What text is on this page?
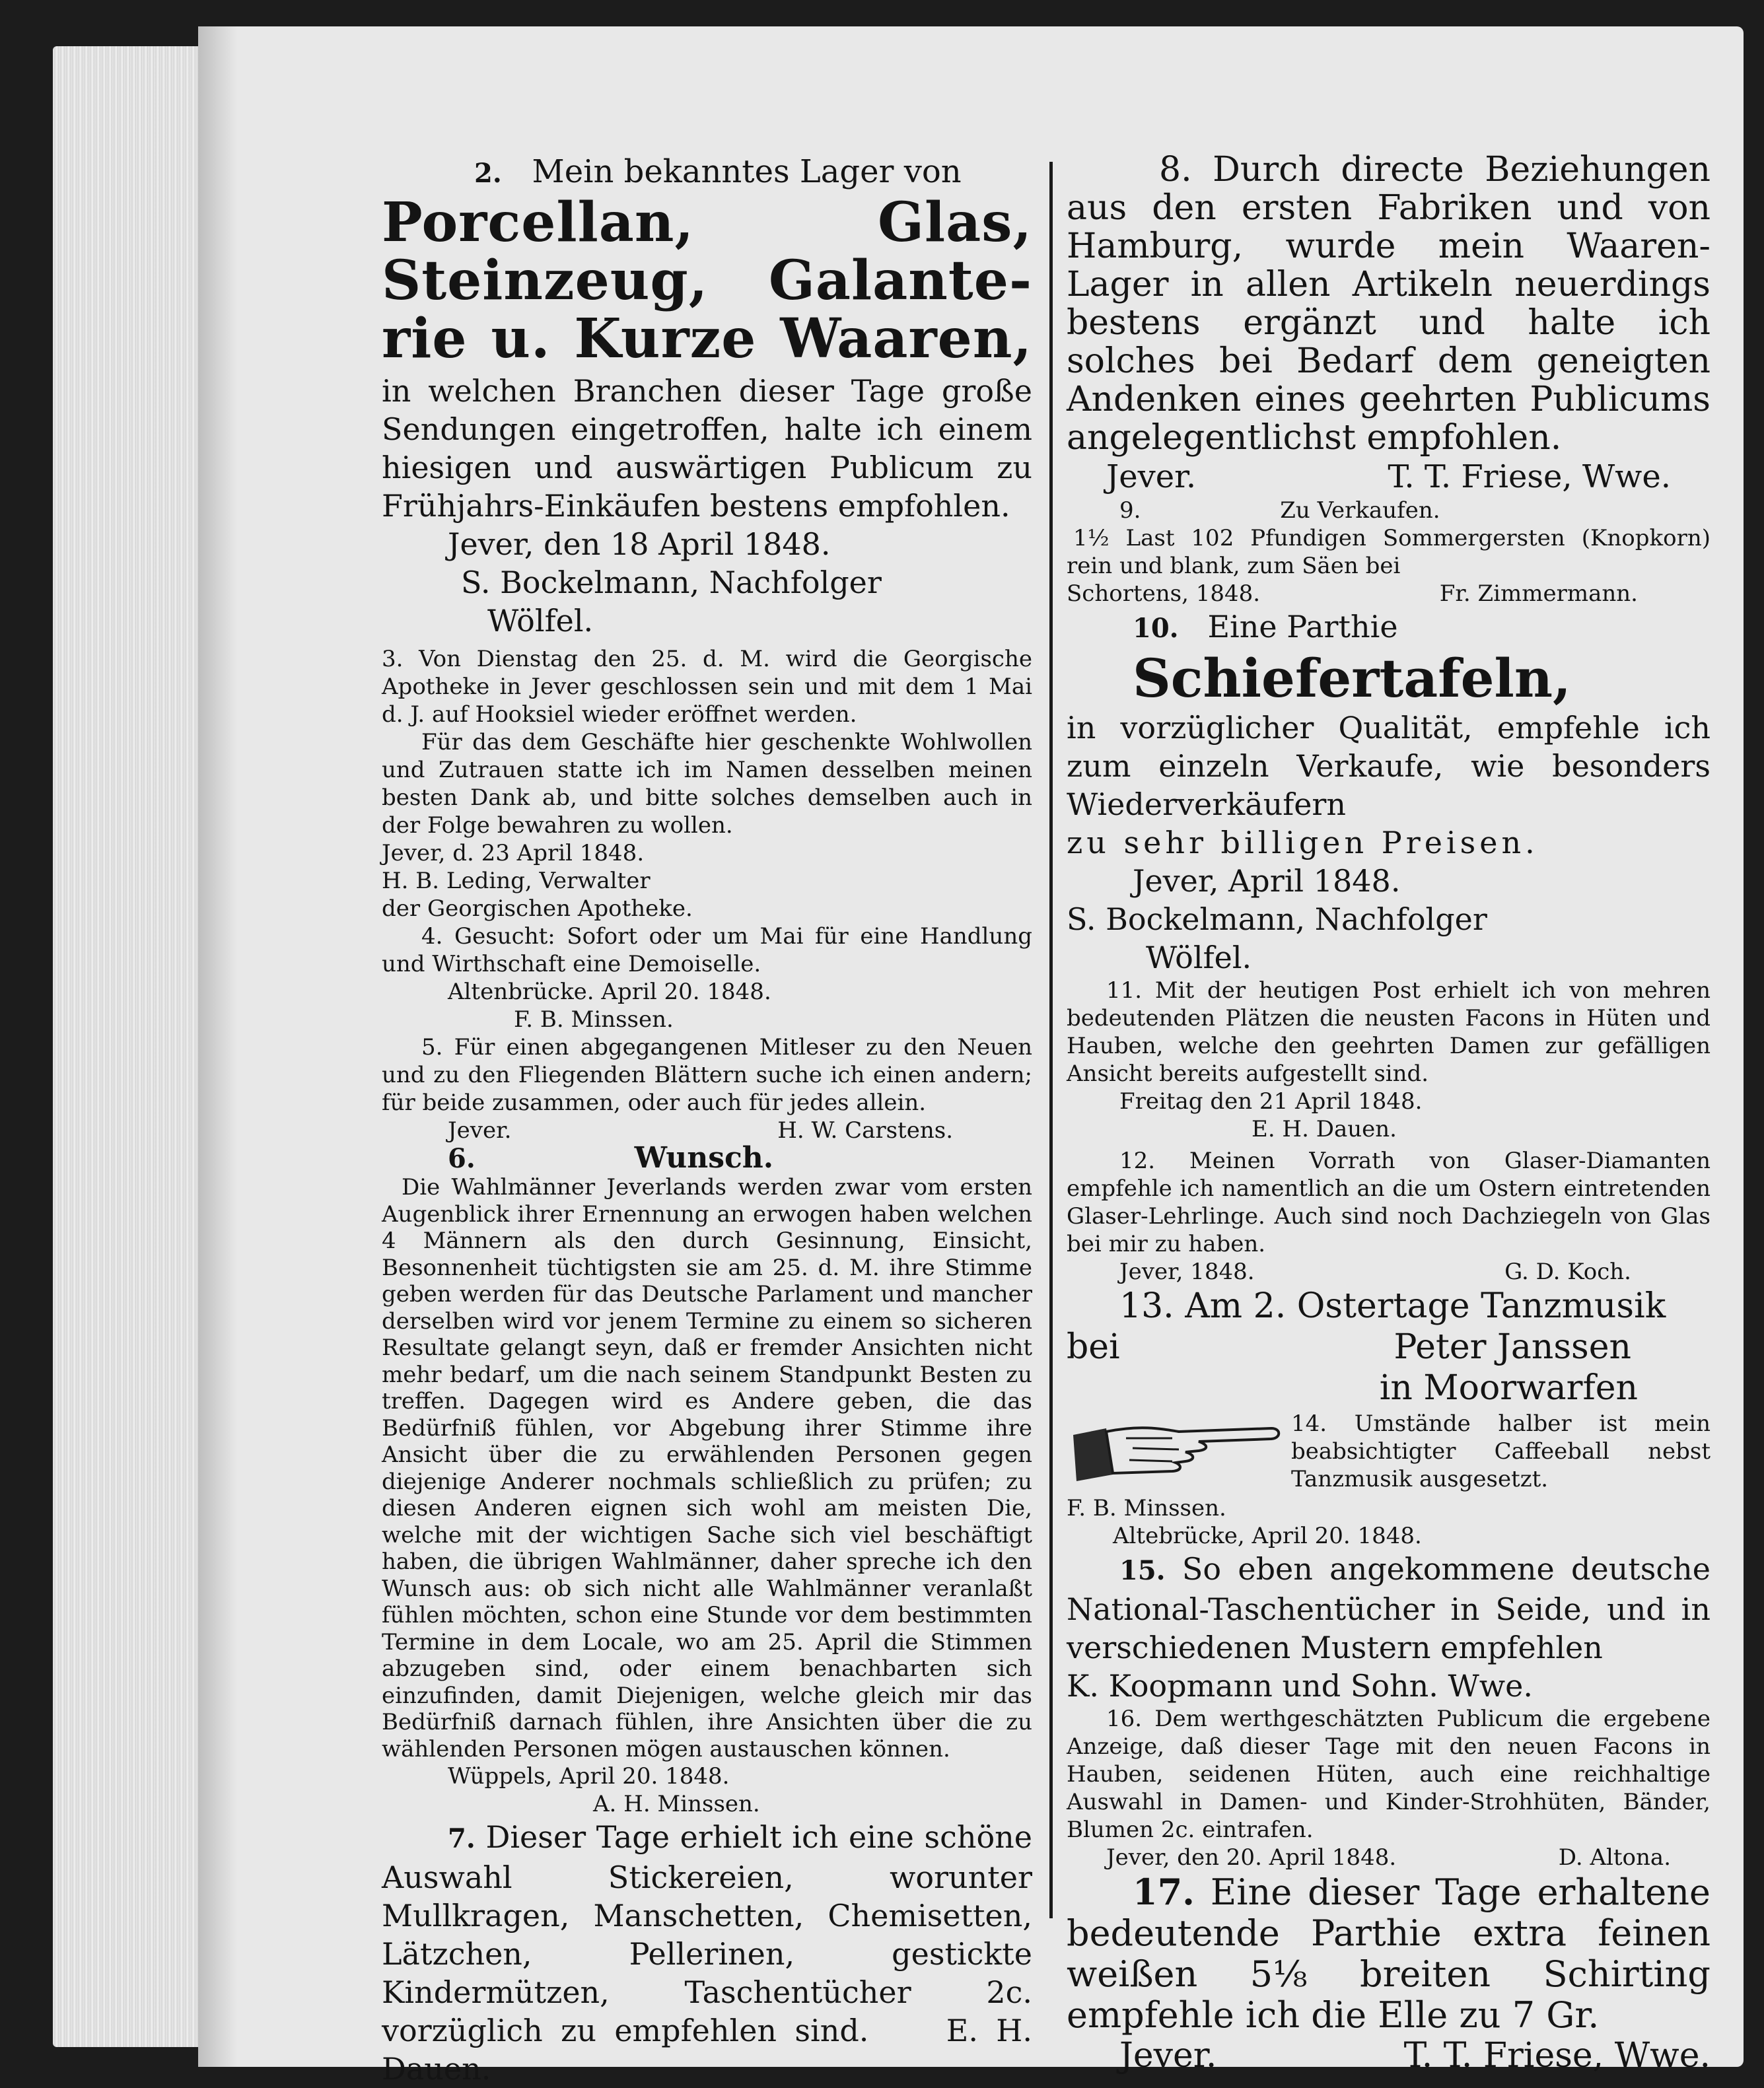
2. Mein bekanntes Lager von

Porcellan, Glas,

Steinzeug, Galante-

rie u. Kurze Waaren,

in welchen Branchen dieser Tage große Sendungen eingetroffen, halte ich einem hiesigen und auswärtigen Publicum zu Frühjahrs-Einkäufen bestens empfohlen.

Jever, den 18 April 1848.

S. Bockelmann, Nachfolger

Wölfel.

3. Von Dienstag den 25. d. M. wird die Georgische Apotheke in Jever geschlossen sein und mit dem 1 Mai d. J. auf Hooksiel wieder eröffnet werden.

Für das dem Geschäfte hier geschenkte Wohlwollen und Zutrauen statte ich im Namen desselben meinen besten Dank ab, und bitte solches demselben auch in der Folge bewahren zu wollen.

Jever, d. 23 April 1848.

H. B. Leding, Verwalter

der Georgischen Apotheke.

4. Gesucht: Sofort oder um Mai für eine Handlung und Wirthschaft eine Demoiselle.

Altenbrücke. April 20. 1848.

F. B. Minssen.

5. Für einen abgegangenen Mitleser zu den Neuen und zu den Fliegenden Blättern suche ich einen andern; für beide zusammen, oder auch für jedes allein.

Jever.	H. W. Carstens.

6.	Wunsch.

Die Wahlmänner Jeverlands werden zwar vom ersten Augenblick ihrer Ernennung an erwogen haben welchen 4 Männern als den durch Gesinnung, Einsicht, Besonnenheit tüchtigsten sie am 25. d. M. ihre Stimme geben werden für das Deutsche Parlament und mancher derselben wird vor jenem Termine zu einem so sicheren Resultate gelangt seyn, daß er fremder Ansichten nicht mehr bedarf, um die nach seinem Standpunkt Besten zu treffen. Dagegen wird es Andere geben, die das Bedürfniß fühlen, vor Abgebung ihrer Stimme ihre Ansicht über die zu erwählenden Personen gegen diejenige Anderer nochmals schließlich zu prüfen; zu diesen Anderen eignen sich wohl am meisten Die, welche mit der wichtigen Sache sich viel beschäftigt haben, die übrigen Wahlmänner, daher spreche ich den Wunsch aus: ob sich nicht alle Wahlmänner veranlaßt fühlen möchten, schon eine Stunde vor dem bestimmten Termine in dem Locale, wo am 25. April die Stimmen abzugeben sind, oder einem benachbarten sich einzufinden, damit Diejenigen, welche gleich mir das Bedürfniß darnach fühlen, ihre Ansichten über die zu wählenden Personen mögen austauschen können.

Wüppels, April 20. 1848.

A. H. Minssen.

7. Dieser Tage erhielt ich eine schöne Auswahl Stickereien, worunter Mullkragen, Manschetten, Chemisetten, Lätzchen, Pellerinen, gestickte Kindermützen, Taschentücher 2c. vorzüglich zu empfehlen sind.	E. H. Dauen.

8. Durch directe Beziehungen aus den ersten Fabriken und von Hamburg, wurde mein Waaren-Lager in allen Artikeln neuerdings bestens ergänzt und halte ich solches bei Bedarf dem geneigten Andenken eines geehrten Publicums angelegentlichst empfohlen.

Jever.	T. T. Friese, Wwe.

9.	Zu Verkaufen.

1½ Last 102 Pfundigen Sommergersten (Knopkorn) rein und blank, zum Säen bei

Schortens, 1848.	Fr. Zimmermann.

10. Eine Parthie

Schiefertafeln,

in vorzüglicher Qualität, empfehle ich zum einzeln Verkaufe, wie besonders Wiederverkäufern

zu sehr billigen Preisen.

Jever, April 1848.

S. Bockelmann, Nachfolger

Wölfel.

11. Mit der heutigen Post erhielt ich von mehren bedeutenden Plätzen die neusten Facons in Hüten und Hauben, welche den geehrten Damen zur gefälligen Ansicht bereits aufgestellt sind.

Freitag den 21 April 1848.

E. H. Dauen.

12. Meinen Vorrath von Glaser-Diamanten empfehle ich namentlich an die um Ostern eintretenden Glaser-Lehrlinge. Auch sind noch Dachziegeln von Glas bei mir zu haben.

Jever, 1848.	G. D. Koch.

13. Am 2. Ostertage Tanzmusik

bei	Peter Janssen

in Moorwarfen

14. Umstände halber ist mein beabsichtigter Caffeeball nebst Tanzmusik ausgesetzt.

F. B. Minssen.

Altebrücke, April 20. 1848.

15. So eben angekommene deutsche National-Taschentücher in Seide, und in verschiedenen Mustern empfehlen

K. Koopmann und Sohn. Wwe.

16. Dem werthgeschätzten Publicum die ergebene Anzeige, daß dieser Tage mit den neuen Facons in Hauben, seidenen Hüten, auch eine reichhaltige Auswahl in Damen- und Kinder-Strohhüten, Bänder, Blumen 2c. eintrafen.

Jever, den 20. April 1848.	D. Altona.

17. Eine dieser Tage erhaltene bedeutende Parthie extra feinen weißen 5⅛ breiten Schirting empfehle ich die Elle zu 7 Gr.

Jever.	T. T. Friese, Wwe.
